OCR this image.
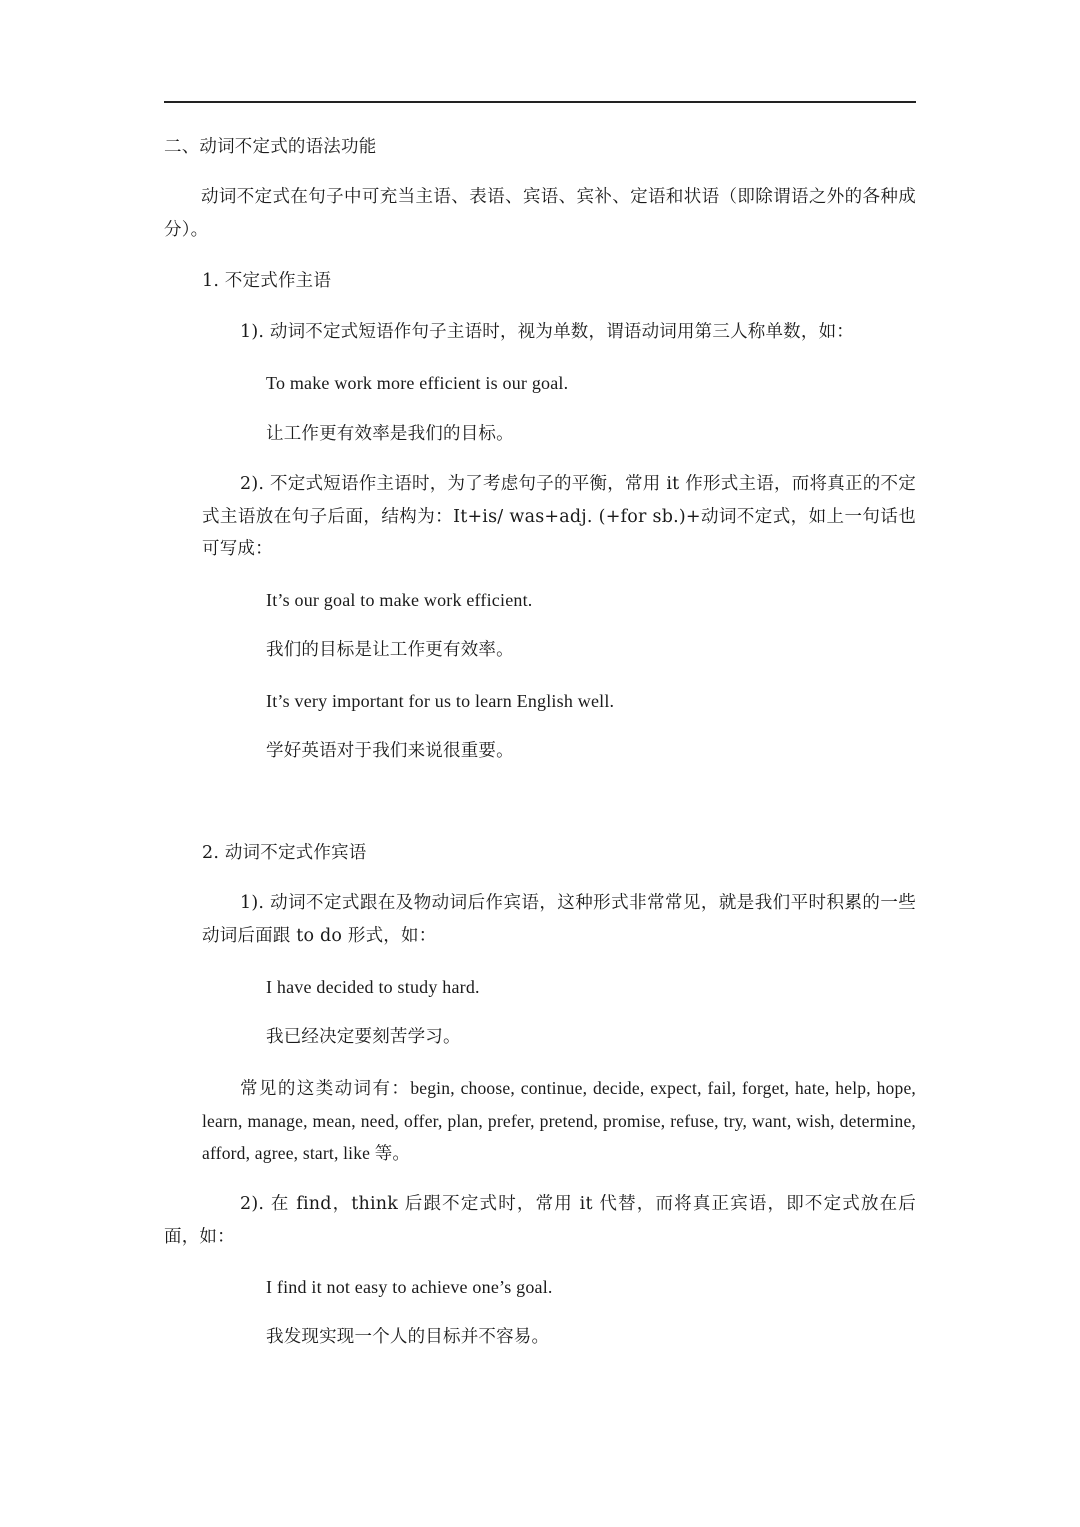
二、动词不定式的语法功能
动词不定式在句子中可充当主语、表语、宾语、宾补、定语和状语（即除谓语之外的各种成分）。
1. 不定式作主语
1). 动词不定式短语作句子主语时，视为单数，谓语动词用第三人称单数，如：
To make work more efficient is our goal.
让工作更有效率是我们的目标。
2). 不定式短语作主语时，为了考虑句子的平衡，常用 it 作形式主语，而将真正的不定式主语放在句子后面，结构为：It+is/ was+adj. (+for sb.)+动词不定式，如上一句话也可写成：
It’s our goal to make work efficient.
我们的目标是让工作更有效率。
It’s very important for us to learn English well.
学好英语对于我们来说很重要。
2. 动词不定式作宾语
1). 动词不定式跟在及物动词后作宾语，这种形式非常常见，就是我们平时积累的一些动词后面跟 to do 形式，如：
I have decided to study hard.
我已经决定要刻苦学习。
常见的这类动词有：begin, choose, continue, decide, expect, fail, forget, hate, help, hope, learn, manage, mean, need, offer, plan, prefer, pretend, promise, refuse, try, want, wish, determine, afford, agree, start, like 等。
2). 在 find，think 后跟不定式时，常用 it 代替，而将真正宾语，即不定式放在后面，如：
I find it not easy to achieve one’s goal.
我发现实现一个人的目标并不容易。
